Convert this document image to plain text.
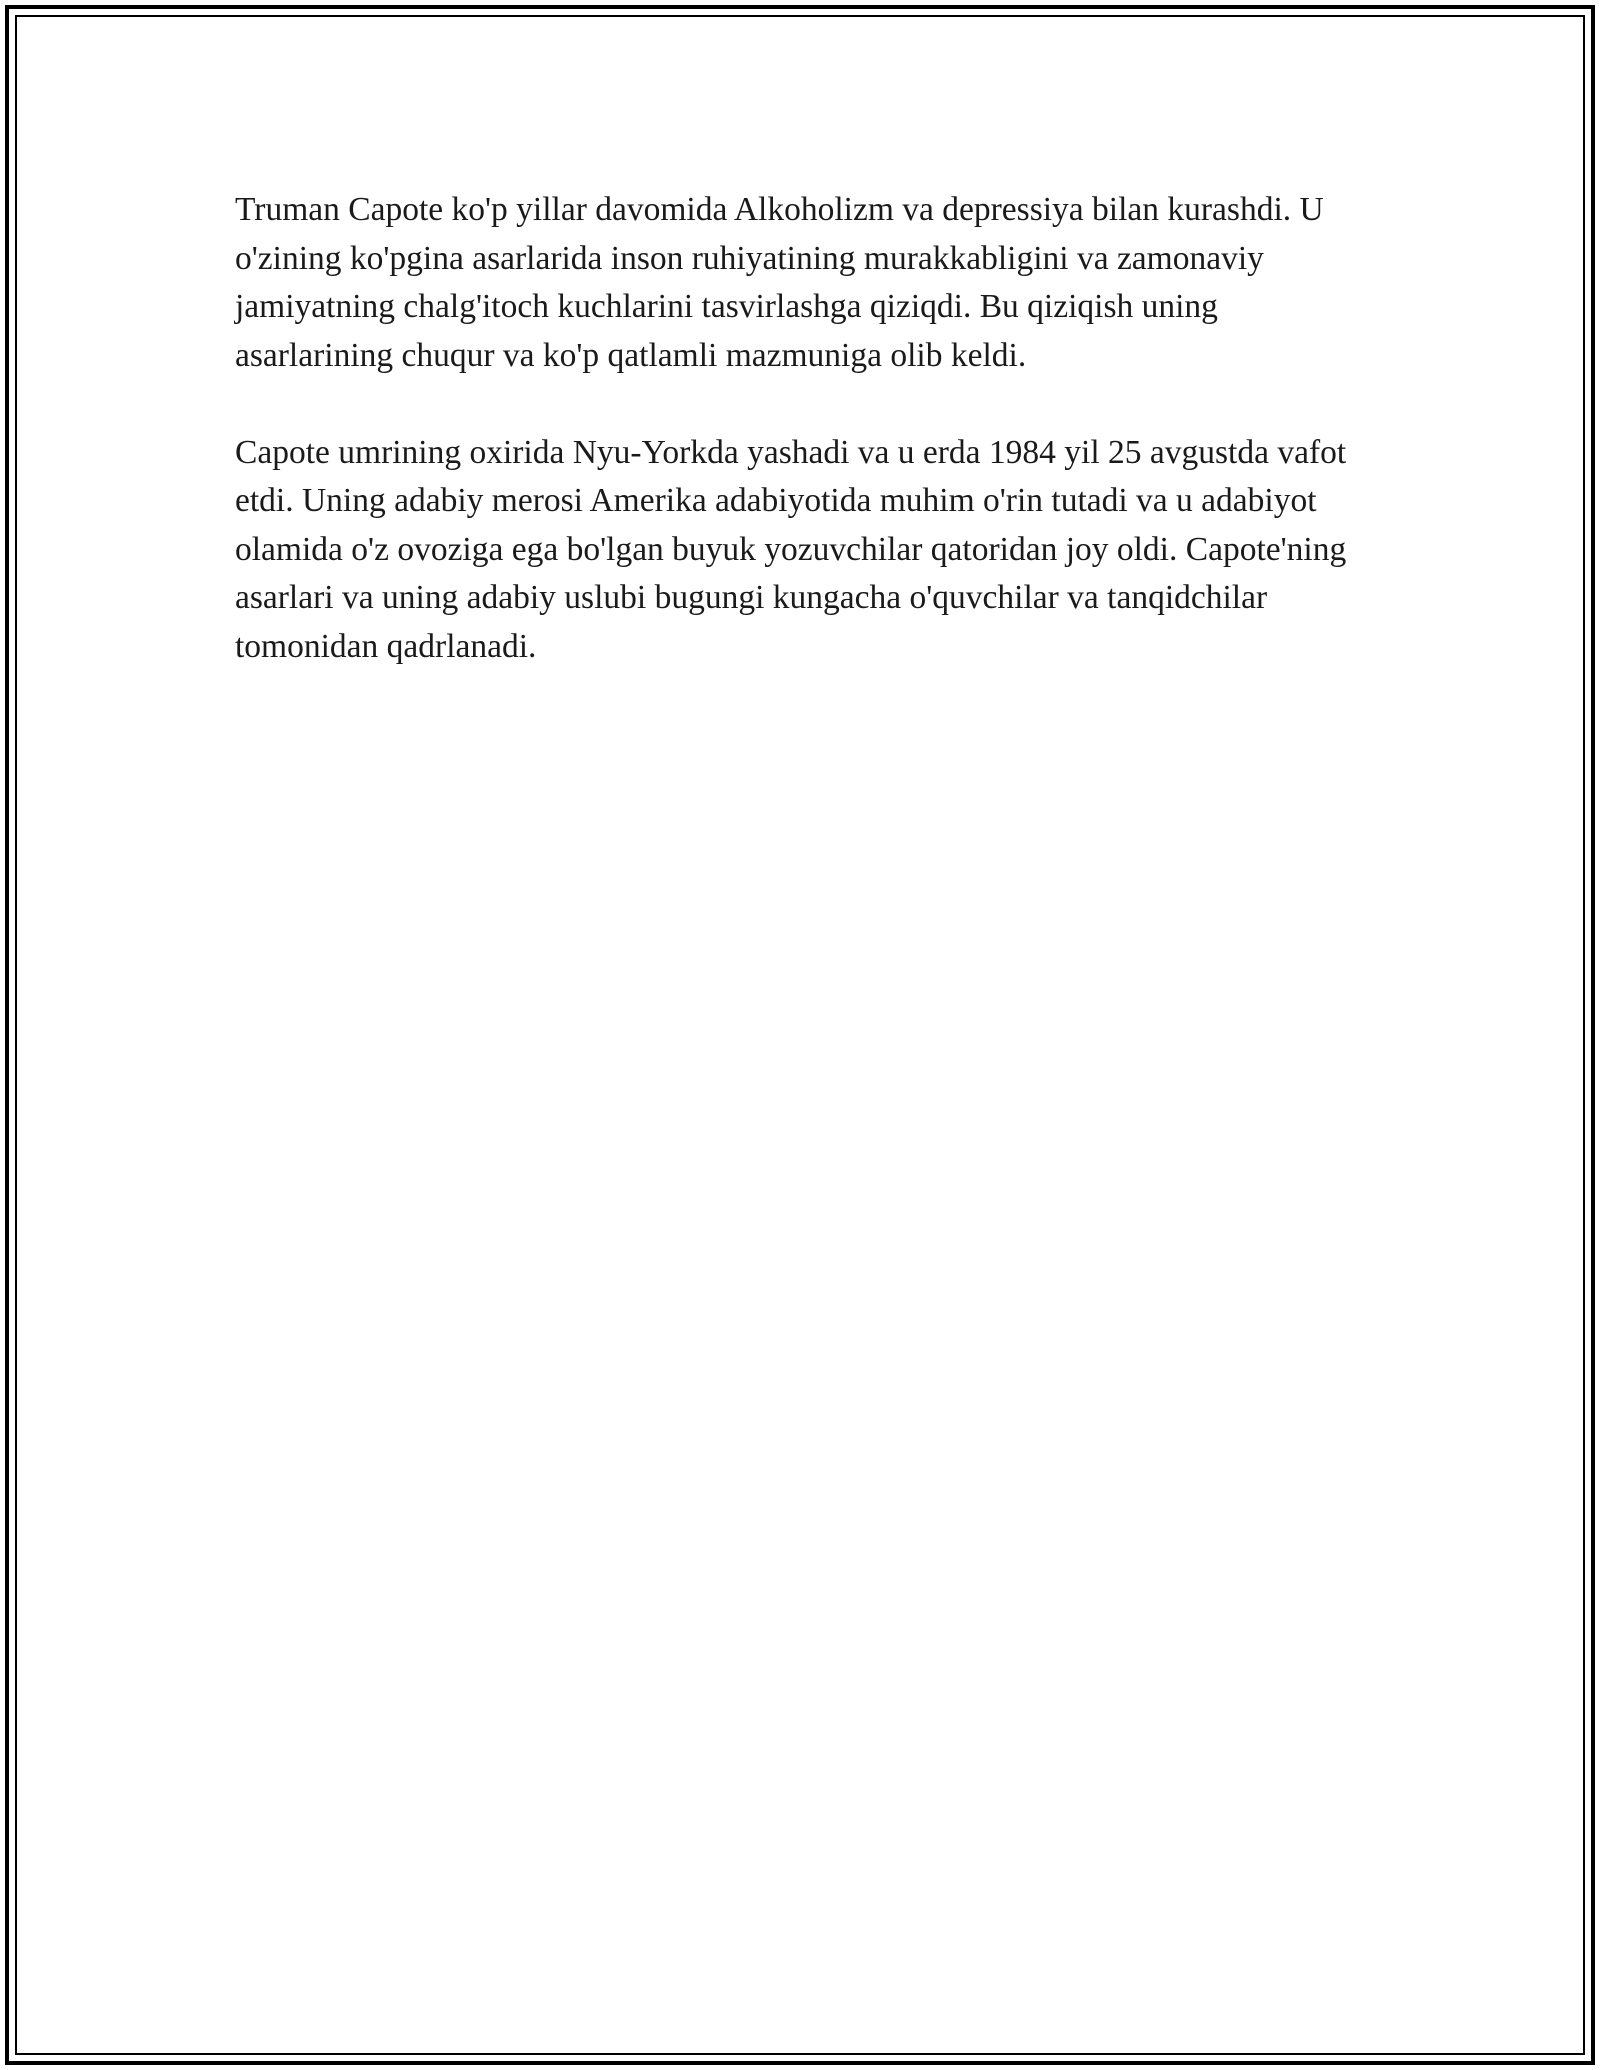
Truman Capote ko'p yillar davomida Alkoholizm va depressiya bilan kurashdi. U o'zining ko'pgina asarlarida inson ruhiyatining murakkabligini va zamonaviy jamiyatning chalg'itoch kuchlarini tasvirlashga qiziqdi. Bu qiziqish uning asarlarining chuqur va ko'p qatlamli mazmuniga olib keldi.

Capote umrining oxirida Nyu-Yorkda yashadi va u erda 1984 yil 25 avgustda vafot etdi. Uning adabiy merosi Amerika adabiyotida muhim o'rin tutadi va u adabiyot olamida o'z ovoziga ega bo'lgan buyuk yozuvchilar qatoridan joy oldi. Capote'ning asarlari va uning adabiy uslubi bugungi kungacha o'quvchilar va tanqidchilar tomonidan qadrlanadi.
